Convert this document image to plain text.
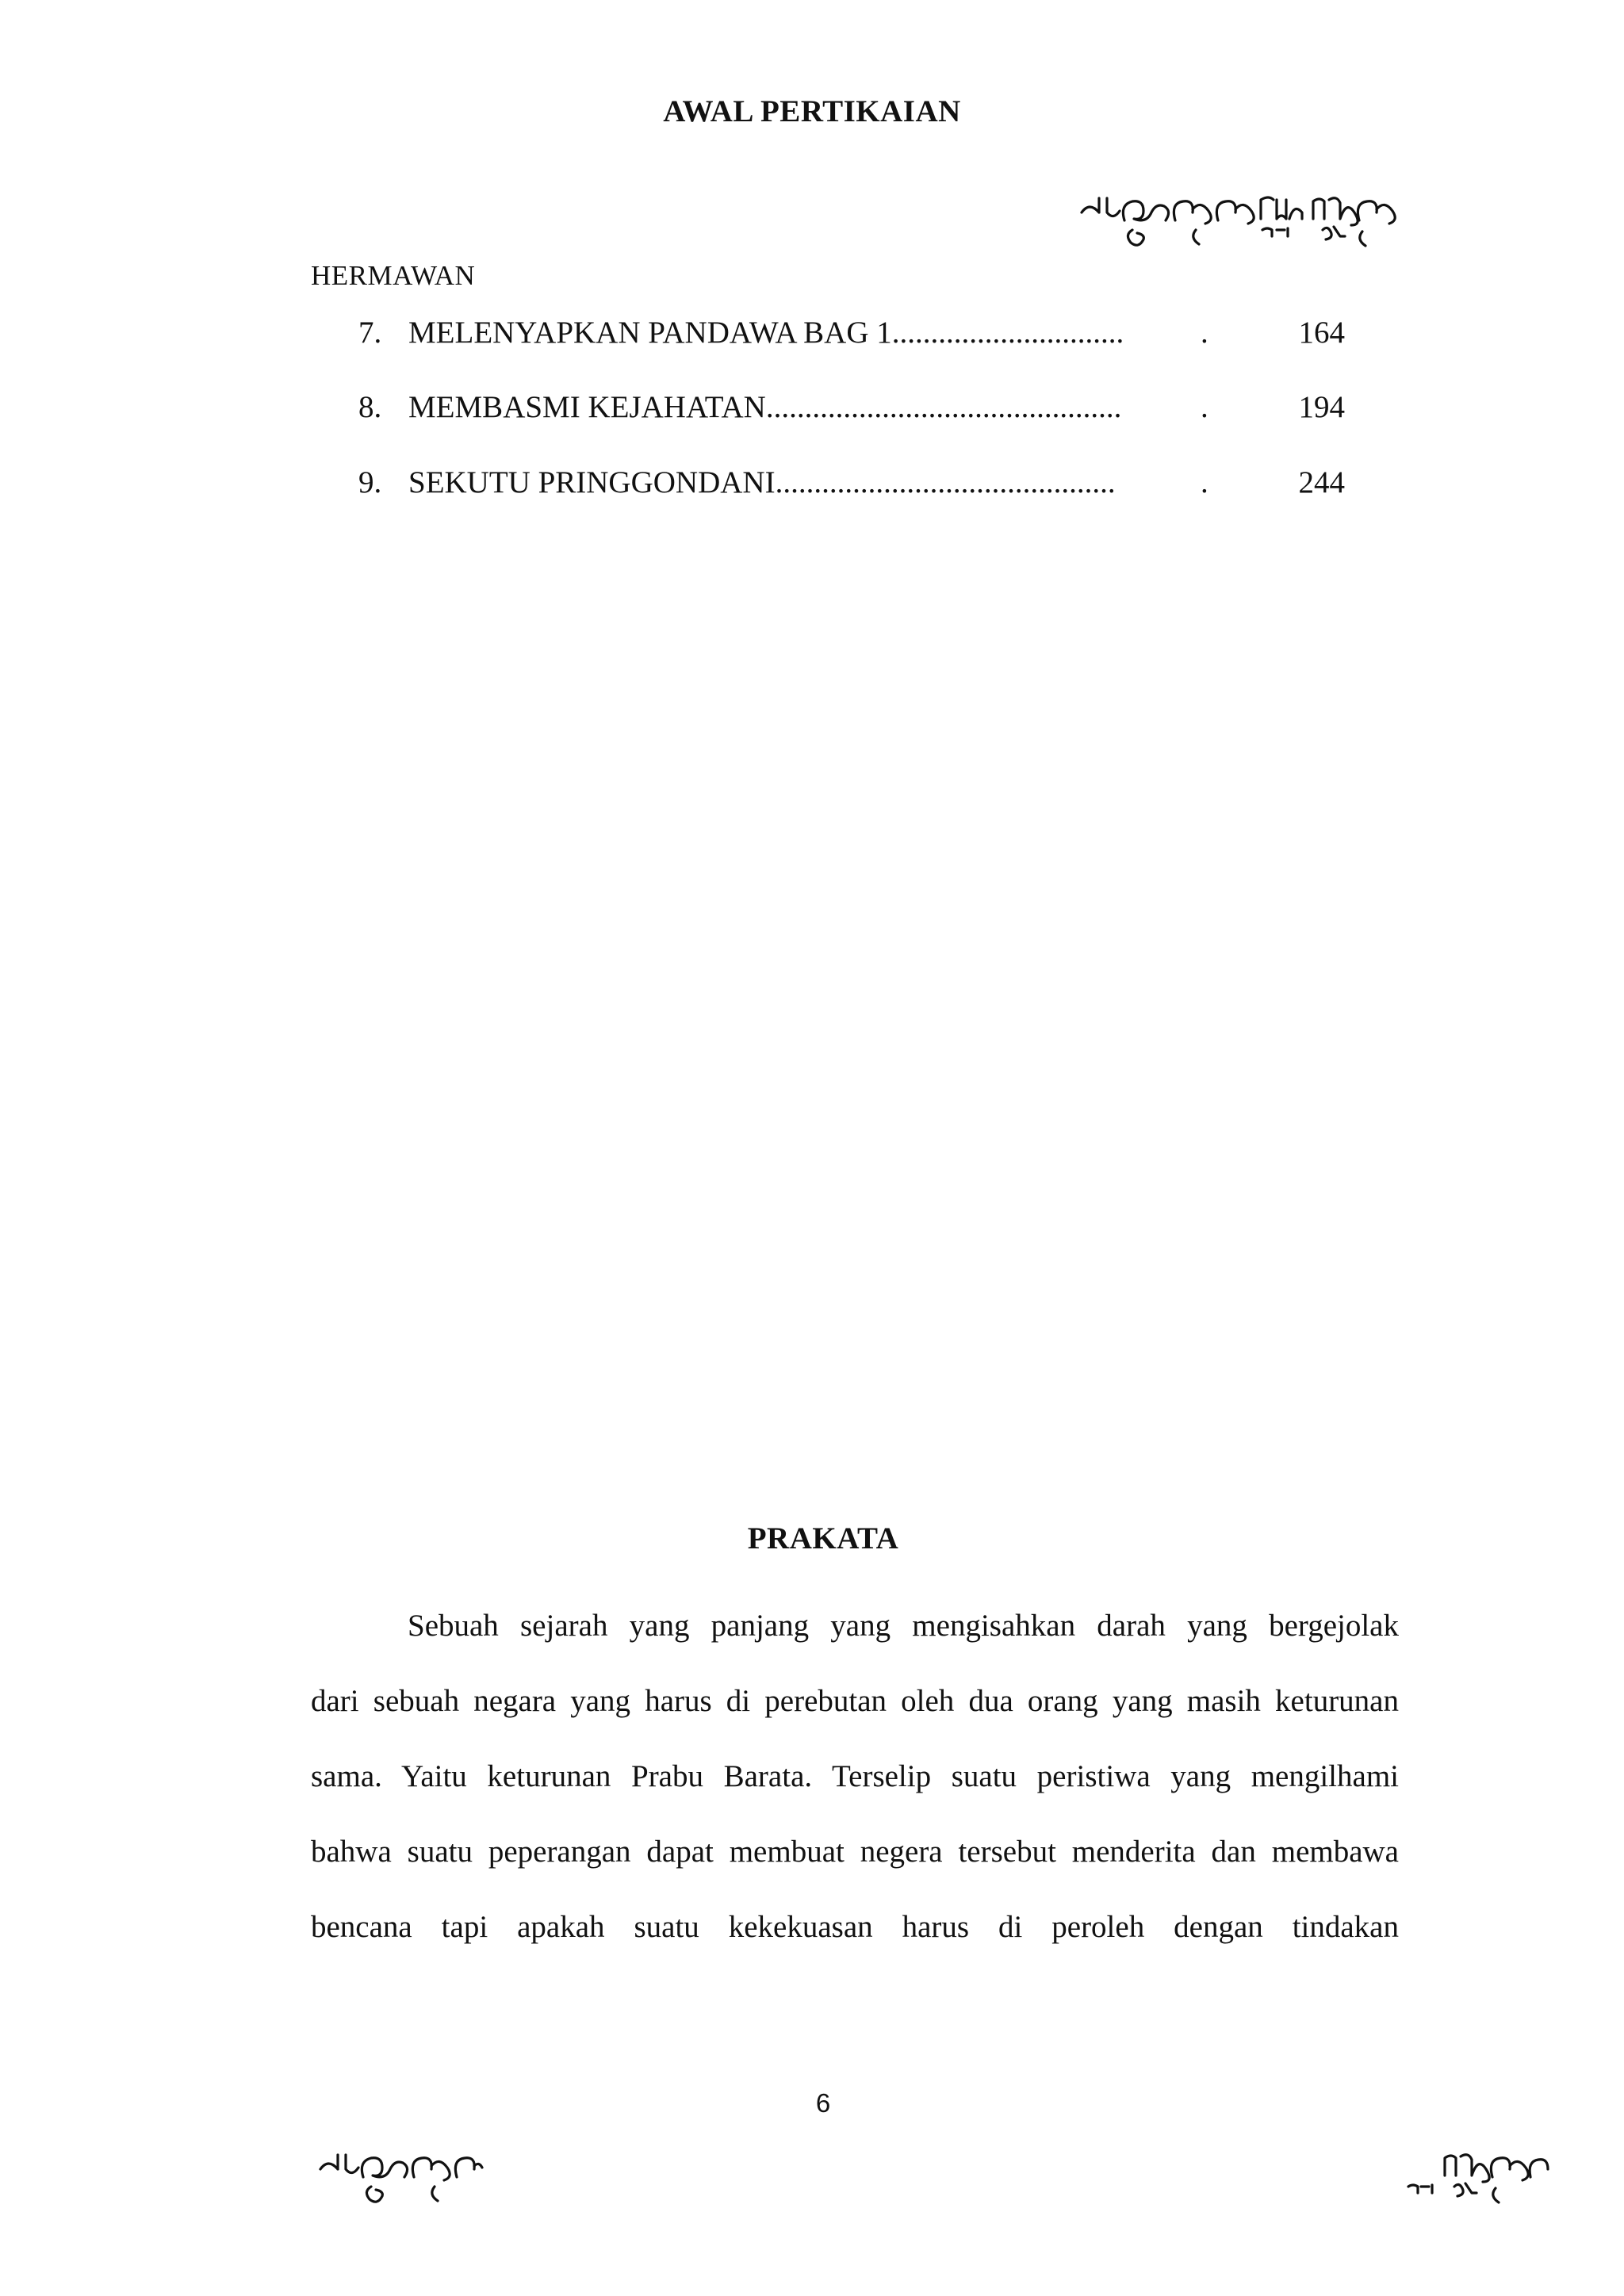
AWAL PERTIKAIAN
HERMAWAN
7. MELENYAPKAN PANDAWA BAG 1.............................. .	164
8. MEMBASMI KEJAHATAN..............................................	.	194
9. SEKUTU PRINGGONDANI............................................	.	244
PRAKATA
Sebuah sejarah yang panjang yang mengisahkan darah yang bergejolak
dari sebuah negara yang harus di perebutan oleh dua orang yang masih keturunan
sama. Yaitu keturunan Prabu Barata. Terselip suatu peristiwa yang mengilhami
bahwa suatu peperangan dapat membuat negera tersebut menderita dan membawa
bencana tapi apakah suatu kekekuasan harus di peroleh dengan tindakan
6
